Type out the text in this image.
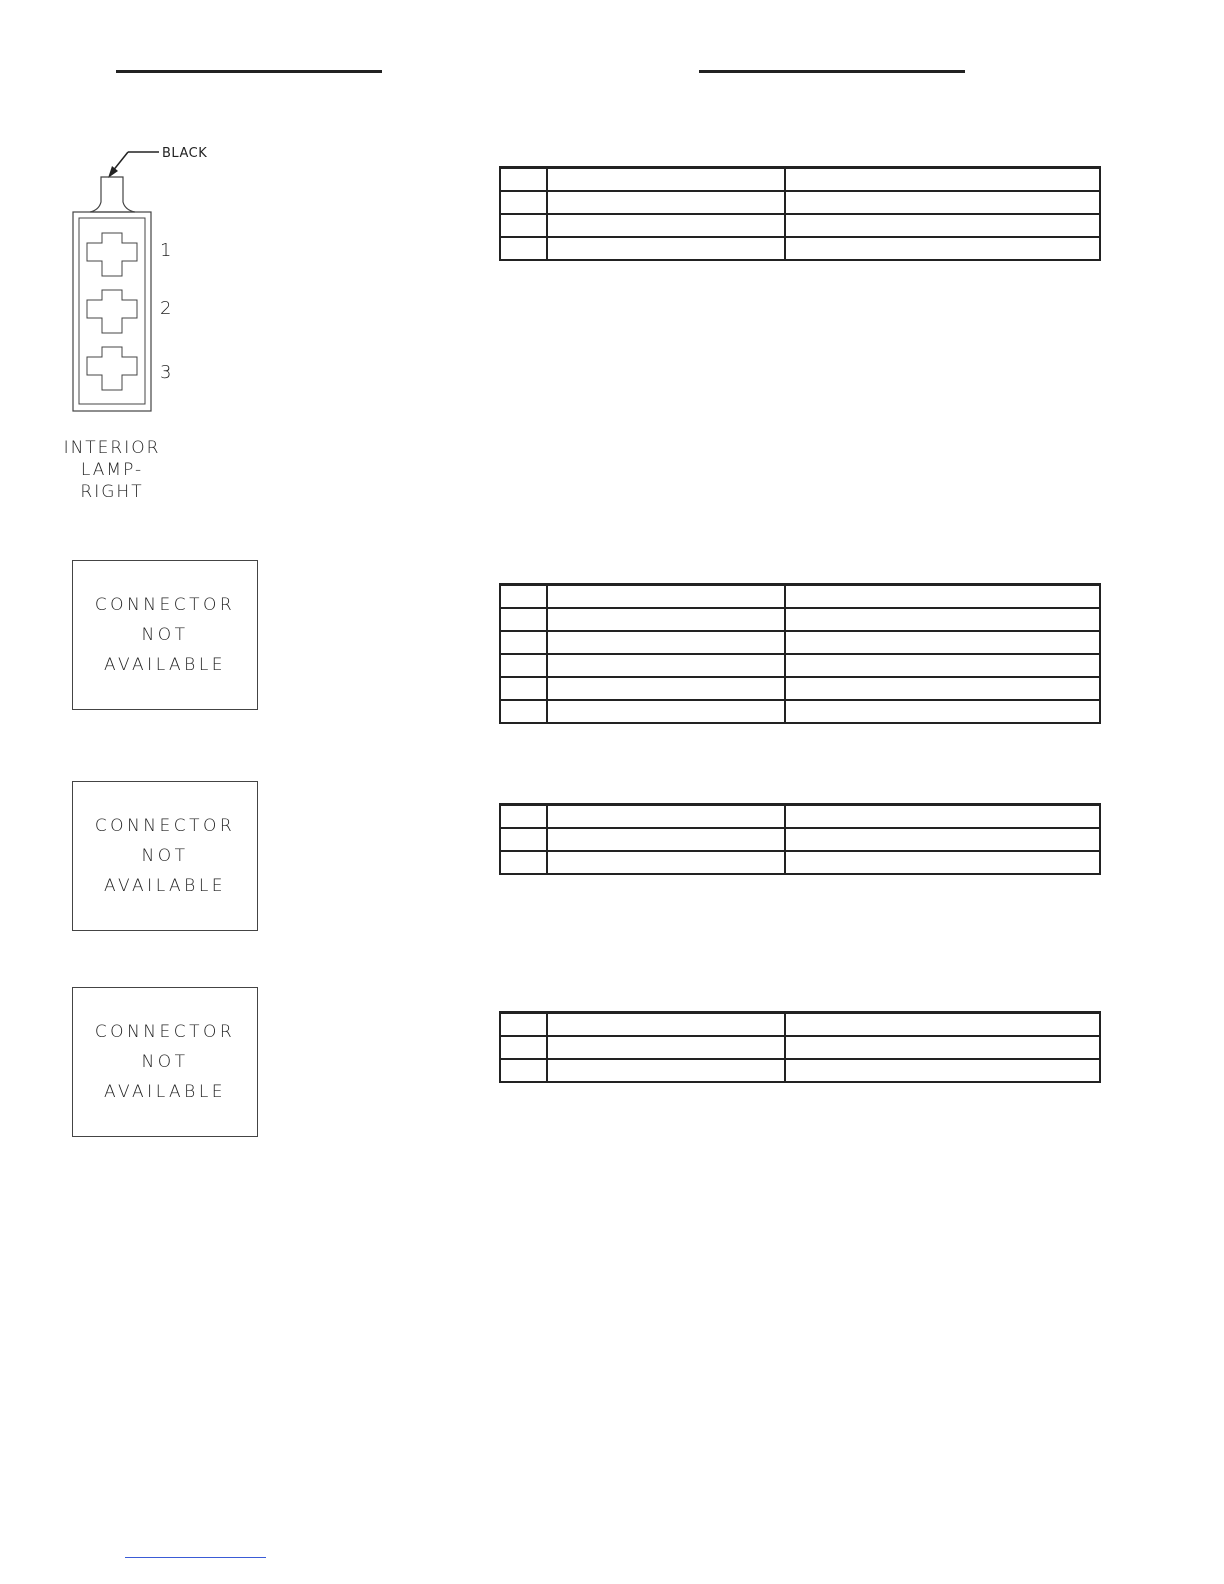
BLACK
1
2
3
INTERIOR
LAMP-
RIGHT
CONNECTOR
NOT
AVAILABLE
CONNECTOR
NOT
AVAILABLE
CONNECTOR
NOT
AVAILABLE
